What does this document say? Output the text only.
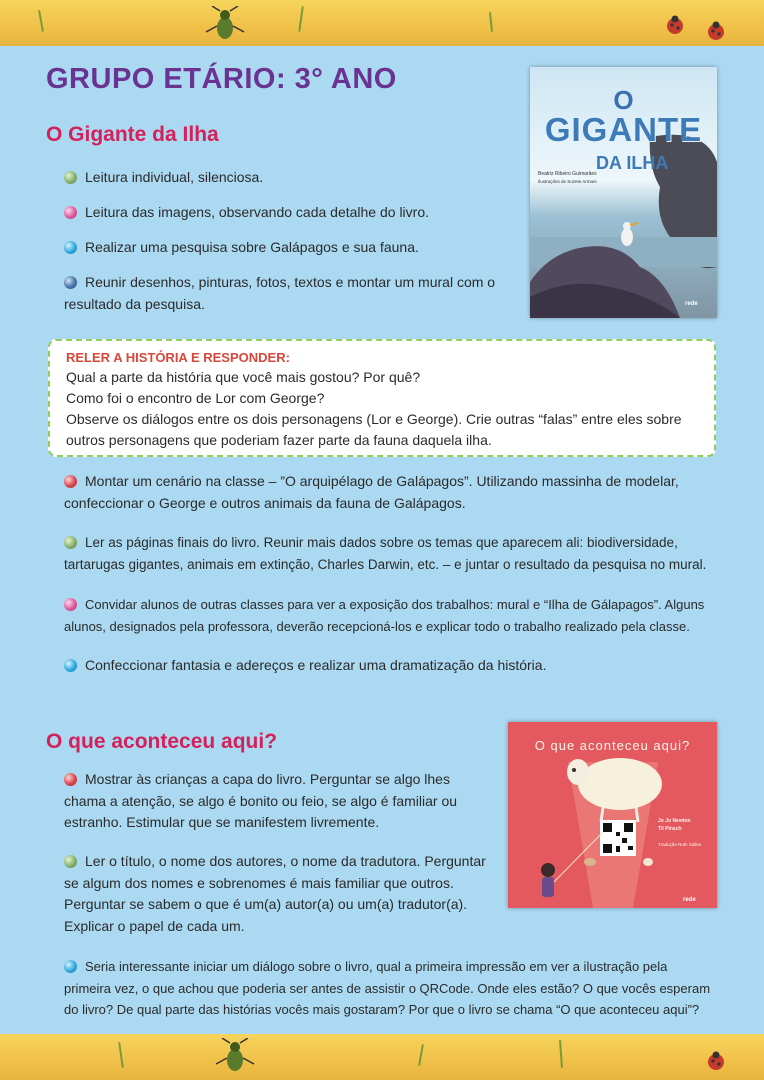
GRUPO ETÁRIO: 3° ANO
O Gigante da Ilha
Leitura individual, silenciosa.
Leitura das imagens, observando cada detalhe do livro.
Realizar uma pesquisa sobre Galápagos e sua fauna.
Reunir desenhos, pinturas, fotos, textos e montar um mural com o
resultado da pesquisa.
O
GIGANTE
DA ILHA
Beatriz Ribeiro Guimarães
Ilustrações de Suzete Armani
rede
RELER A HISTÓRIA E RESPONDER:
Qual a parte da história que você mais gostou? Por quê?
Como foi o encontro de Lor com George?
Observe os diálogos entre os dois personagens (Lor e George). Crie outras “falas” entre eles sobre
outros personagens que poderiam fazer parte da fauna daquela ilha.
Montar um cenário na classe – ”O arquipélago de Galápagos”. Utilizando massinha de modelar,
confeccionar o George e outros animais da fauna de Galápagos.
Ler as páginas finais do livro. Reunir mais dados sobre os temas que aparecem ali: biodiversidade,
tartarugas gigantes, animais em extinção, Charles Darwin, etc. – e juntar o resultado da pesquisa no mural.
Convidar alunos de outras classes para ver a exposição dos trabalhos: mural e “Ilha de Gálapagos”. Alguns
alunos, designados pela professora, deverão recepcioná-los e explicar todo o trabalho realizado pela classe.
Confeccionar fantasia e adereços e realizar uma dramatização da história.
O que aconteceu aqui?
Mostrar às crianças a capa do livro. Perguntar se algo lhes
chama a atenção, se algo é bonito ou feio, se algo é familiar ou
estranho. Estimular que se manifestem livremente.
Ler o título, o nome dos autores, o nome da tradutora. Perguntar
se algum dos nomes e sobrenomes é mais familiar que outros.
Perguntar se sabem o que é um(a) autor(a) ou um(a) tradutor(a).
Explicar o papel de cada um.
Seria interessante iniciar um diálogo sobre o livro, qual a primeira impressão em ver a ilustração pela
primeira vez, o que achou que poderia ser antes de assistir o QRCode. Onde eles estão? O que vocês esperam
do livro? De qual parte das histórias vocês mais gostaram? Por que o livro se chama “O que aconteceu aqui”?
O que aconteceu aqui?
Jo Jo Newton
Til Pinsch
Tradução Ruth Salles
rede
